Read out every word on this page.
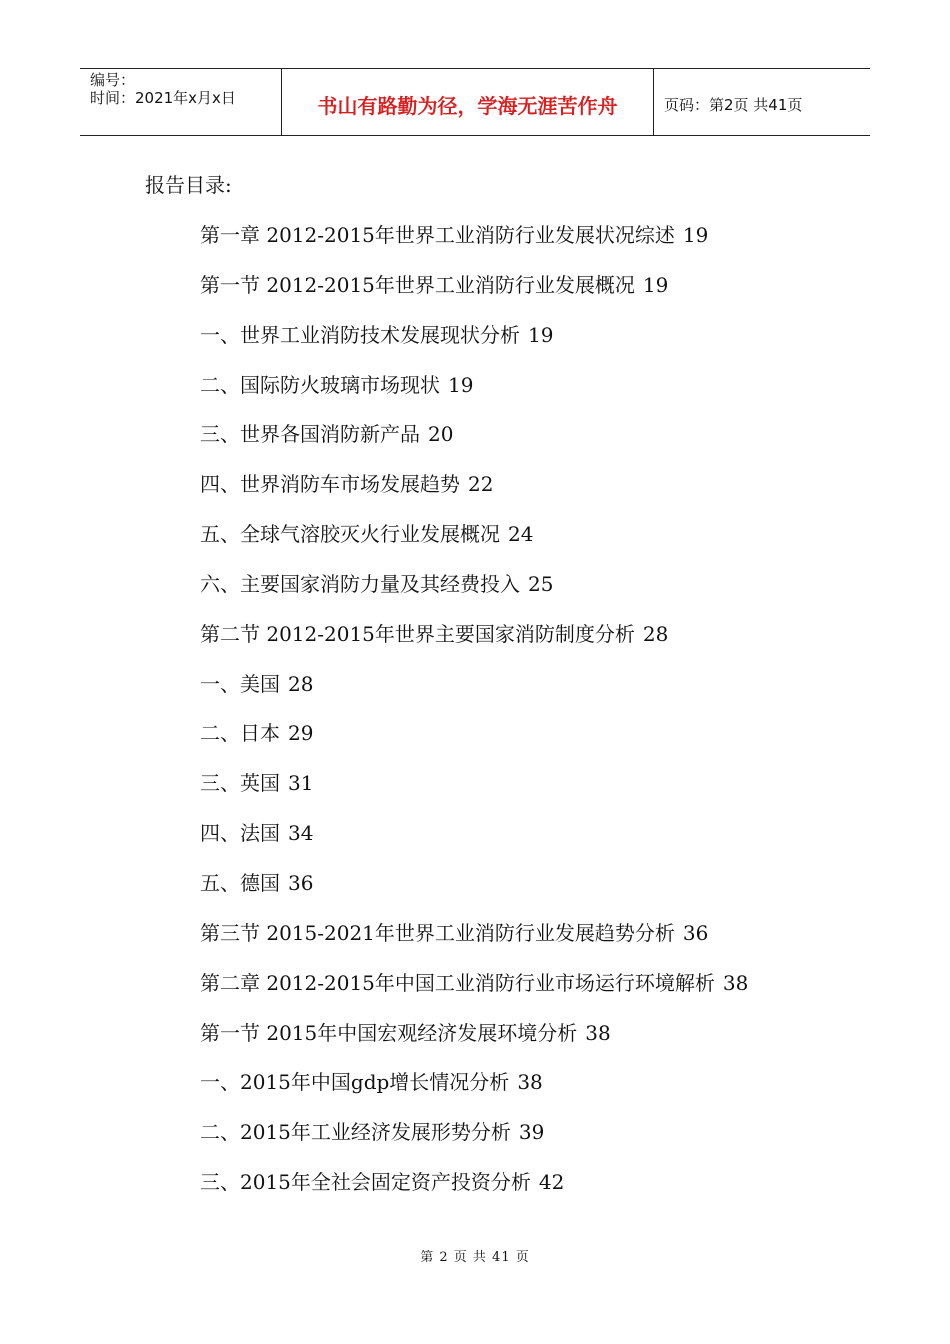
编号：
时间：2021年x月x日	书山有路勤为径，学海无涯苦作舟	页码：第2页 共41页
报告目录:
第一章 2012-2015年世界工业消防行业发展状况综述 19
第一节 2012-2015年世界工业消防行业发展概况 19
一、世界工业消防技术发展现状分析 19
二、国际防火玻璃市场现状 19
三、世界各国消防新产品 20
四、世界消防车市场发展趋势 22
五、全球气溶胶灭火行业发展概况 24
六、主要国家消防力量及其经费投入 25
第二节 2012-2015年世界主要国家消防制度分析 28
一、美国 28
二、日本 29
三、英国 31
四、法国 34
五、德国 36
第三节 2015-2021年世界工业消防行业发展趋势分析 36
第二章 2012-2015年中国工业消防行业市场运行环境解析 38
第一节 2015年中国宏观经济发展环境分析 38
一、2015年中国gdp增长情况分析 38
二、2015年工业经济发展形势分析 39
三、2015年全社会固定资产投资分析 42
第 2 页 共 41 页
